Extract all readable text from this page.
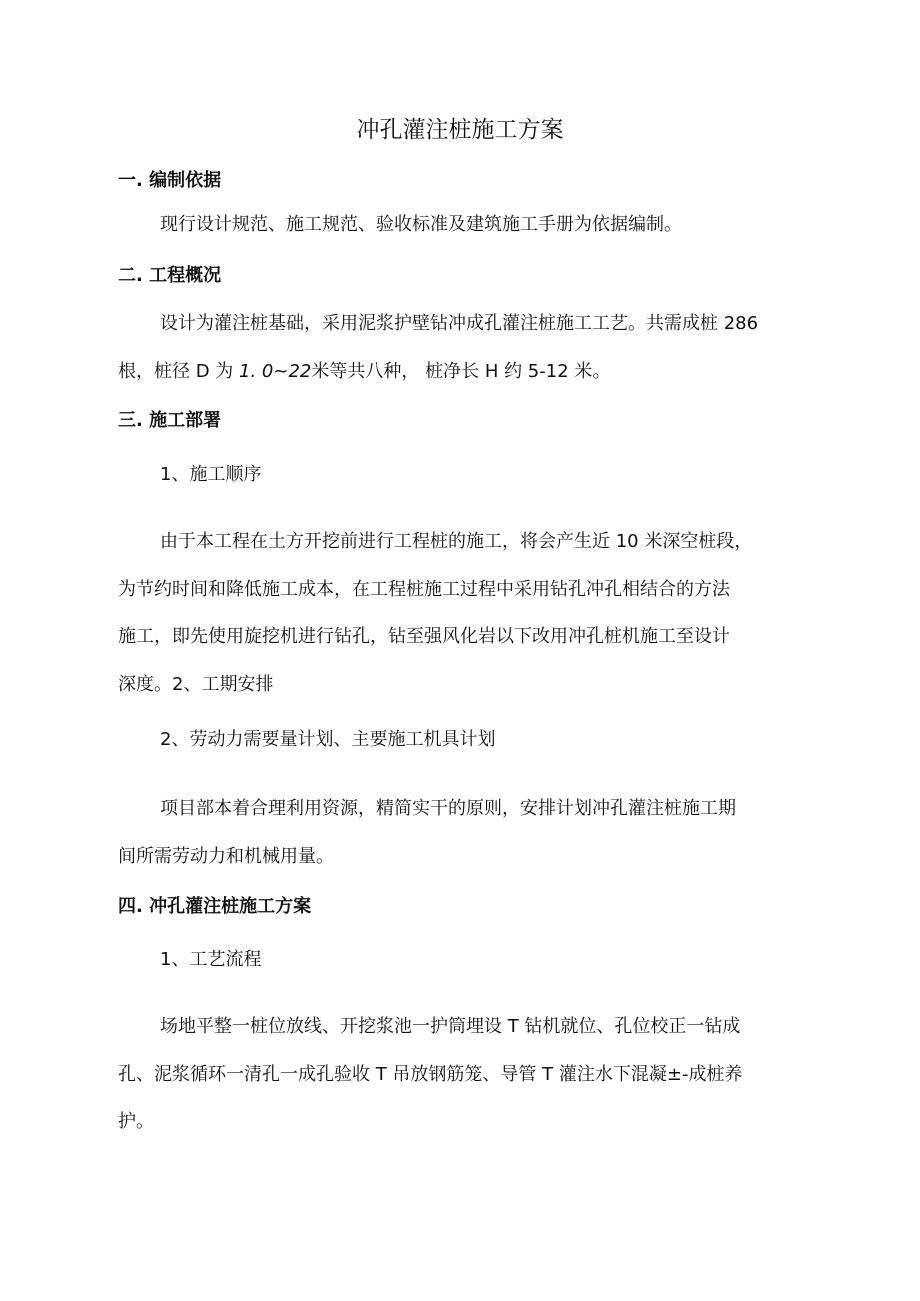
冲孔灌注桩施工方案
一. 编制依据

现行设计规范、施工规范、验收标准及建筑施工手册为依据编制。

二. 工程概况
设计为灌注桩基础，采用泥浆护壁钻冲成孔灌注桩施工工艺。共需成桩 286
根，桩径 D 为 1. 0~22米等共八种， 桩净长 H 约 5-12 米。
三. 施工部署

1、施工顺序

由于本工程在土方开挖前进行工程桩的施工，将会产生近 10 米深空桩段，
为节约时间和降低施工成本，在工程桩施工过程中采用钻孔冲孔相结合的方法
施工，即先使用旋挖机进行钻孔，钻至强风化岩以下改用冲孔桩机施工至设计
深度。2、工期安排

2、劳动力需要量计划、主要施工机具计划

项目部本着合理利用资源，精简实干的原则，安排计划冲孔灌注桩施工期
间所需劳动力和机械用量。
四. 冲孔灌注桩施工方案

1、工艺流程

场地平整一桩位放线、开挖浆池一护筒埋设 T 钻机就位、孔位校正一钻成
孔、泥浆循环一清孔一成孔验收 T 吊放钢筋笼、导管 T 灌注水下混凝±-成桩养
护。
